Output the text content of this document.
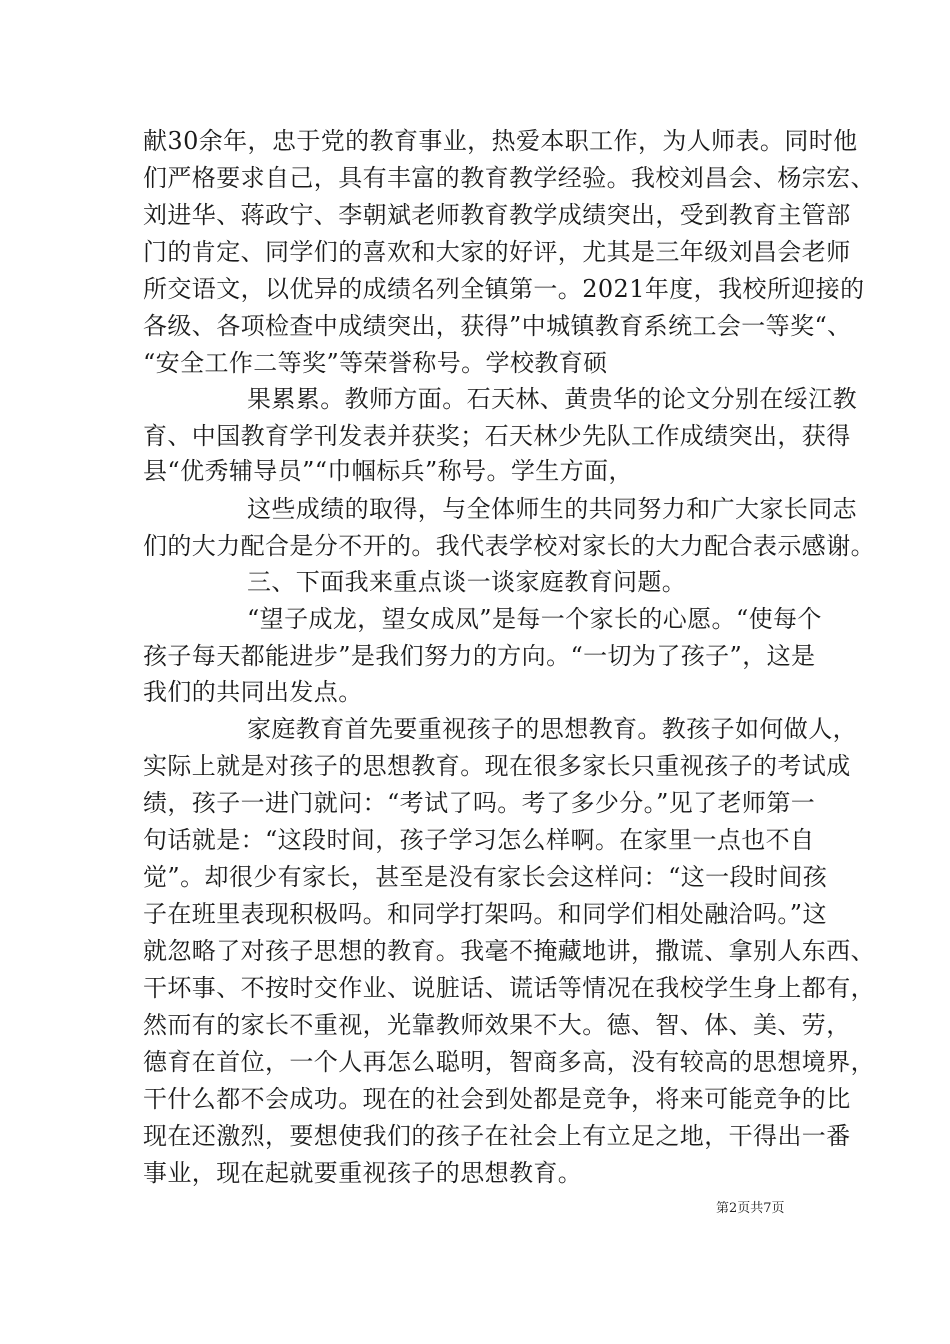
献30余年，忠于党的教育事业，热爱本职工作，为人师表。同时他
们严格要求自己，具有丰富的教育教学经验。我校刘昌会、杨宗宏、
刘进华、蒋政宁、李朝斌老师教育教学成绩突出，受到教育主管部
门的肯定、同学们的喜欢和大家的好评，尤其是三年级刘昌会老师
所交语文，以优异的成绩名列全镇第一。2021年度，我校所迎接的
各级、各项检查中成绩突出，获得”中城镇教育系统工会一等奖“、
“安全工作二等奖”等荣誉称号。学校教育硕
果累累。教师方面。石天林、黄贵华的论文分别在绥江教
育、中国教育学刊发表并获奖；石天林少先队工作成绩突出，获得
县“优秀辅导员”“巾帼标兵”称号。学生方面，
这些成绩的取得，与全体师生的共同努力和广大家长同志
们的大力配合是分不开的。我代表学校对家长的大力配合表示感谢。
三、下面我来重点谈一谈家庭教育问题。
“望子成龙，望女成凤”是每一个家长的心愿。“使每个
孩子每天都能进步”是我们努力的方向。“一切为了孩子”，这是
我们的共同出发点。
家庭教育首先要重视孩子的思想教育。教孩子如何做人，
实际上就是对孩子的思想教育。现在很多家长只重视孩子的考试成
绩，孩子一进门就问：“考试了吗。考了多少分。”见了老师第一
句话就是：“这段时间，孩子学习怎么样啊。在家里一点也不自
觉”。却很少有家长，甚至是没有家长会这样问：“这一段时间孩
子在班里表现积极吗。和同学打架吗。和同学们相处融洽吗。”这
就忽略了对孩子思想的教育。我毫不掩藏地讲，撒谎、拿别人东西、
干坏事、不按时交作业、说脏话、谎话等情况在我校学生身上都有，
然而有的家长不重视，光靠教师效果不大。德、智、体、美、劳，
德育在首位，一个人再怎么聪明，智商多高，没有较高的思想境界，
干什么都不会成功。现在的社会到处都是竞争，将来可能竞争的比
现在还激烈，要想使我们的孩子在社会上有立足之地，干得出一番
事业，现在起就要重视孩子的思想教育。
第2页共7页
